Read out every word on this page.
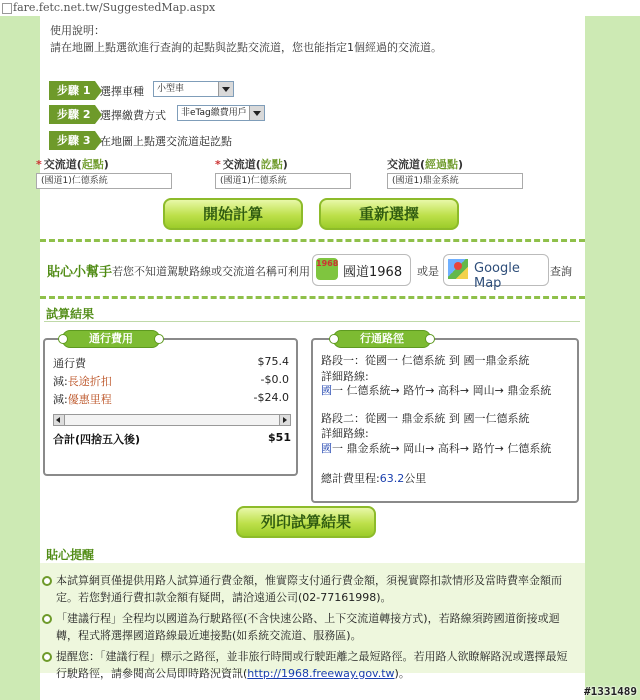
fare.fetc.net.tw/SuggestedMap.aspx
使用說明：
請在地圖上點選欲進行查詢的起點與訖點交流道，您也能指定1個經過的交流道。
步驟 1 選擇車種	小型車
步驟 2 選擇繳費方式	非eTag繳費用戶
步驟 3 在地圖上點選交流道起訖點
* 交流道(起點)
(國道1)仁德系統
* 交流道(訖點)
(國道1)仁德系統
交流道(經過點)
(國道1)鼎金系統
開始計算	重新選擇
貼心小幫手 若您不知道駕駛路線或交流道名稱可利用
1968
國道1968 或是	Google Map
查詢
試算結果
通行費	$75.4
減:長途折扣	-$0.0
減:優惠里程	-$24.0
合計(四捨五入後)	$51
通行費用
路段一：從國一 仁德系統 到 國一鼎金系統
詳細路線:
國一 仁德系統→ 路竹→ 高科→ 岡山→ 鼎金系統
路段二：從國一 鼎金系統 到 國一仁德系統
詳細路線:
國一 鼎金系統→ 岡山→ 高科→ 路竹→ 仁德系統
總計費里程:63.2公里
行通路徑
列印試算結果
貼心提醒
本試算網頁僅提供用路人試算通行費金額，惟實際支付通行費金額，須視實際扣款情形及當時費率金額而定。若您對通行費扣款金額有疑問，請洽遠通公司(02-77161998)。
「建議行程」全程均以國道為行駛路徑(不含快速公路、上下交流道轉接方式)，若路線須跨國道銜接或迴轉，程式將選擇國道路線最近連接點(如系統交流道、服務區)。
提醒您：「建議行程」標示之路徑，並非旅行時間或行駛距離之最短路徑。若用路人欲瞭解路況或選擇最短行駛路徑，請參閱高公局即時路況資訊(http://1968.freeway.gov.tw)。
#1331489
